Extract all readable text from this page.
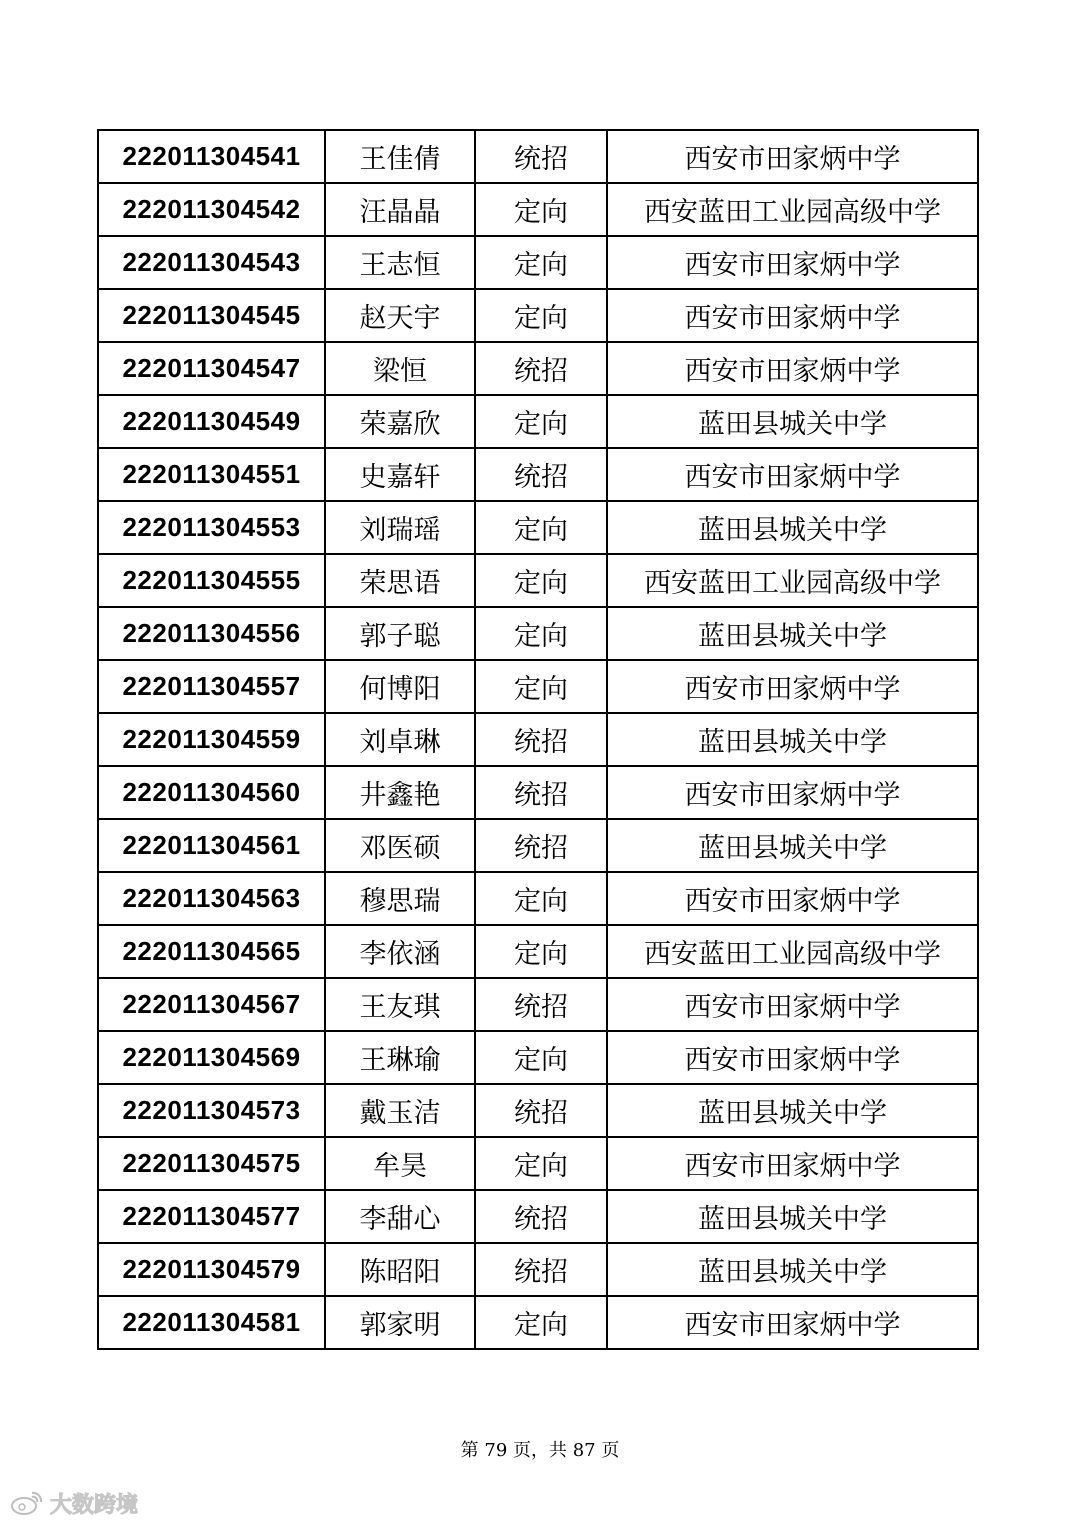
222011304541	王佳倩	统招	西安市田家炳中学
222011304542	汪晶晶	定向	西安蓝田工业园高级中学
222011304543	王志恒	定向	西安市田家炳中学
222011304545	赵天宇	定向	西安市田家炳中学
222011304547	梁恒	统招	西安市田家炳中学
222011304549	荣嘉欣	定向	蓝田县城关中学
222011304551	史嘉轩	统招	西安市田家炳中学
222011304553	刘瑞瑶	定向	蓝田县城关中学
222011304555	荣思语	定向	西安蓝田工业园高级中学
222011304556	郭子聪	定向	蓝田县城关中学
222011304557	何博阳	定向	西安市田家炳中学
222011304559	刘卓琳	统招	蓝田县城关中学
222011304560	井鑫艳	统招	西安市田家炳中学
222011304561	邓医硕	统招	蓝田县城关中学
222011304563	穆思瑞	定向	西安市田家炳中学
222011304565	李依涵	定向	西安蓝田工业园高级中学
222011304567	王友琪	统招	西安市田家炳中学
222011304569	王琳瑜	定向	西安市田家炳中学
222011304573	戴玉洁	统招	蓝田县城关中学
222011304575	牟昊	定向	西安市田家炳中学
222011304577	李甜心	统招	蓝田县城关中学
222011304579	陈昭阳	统招	蓝田县城关中学
222011304581	郭家明	定向	西安市田家炳中学
第 79 页，共 87 页
大数跨境
